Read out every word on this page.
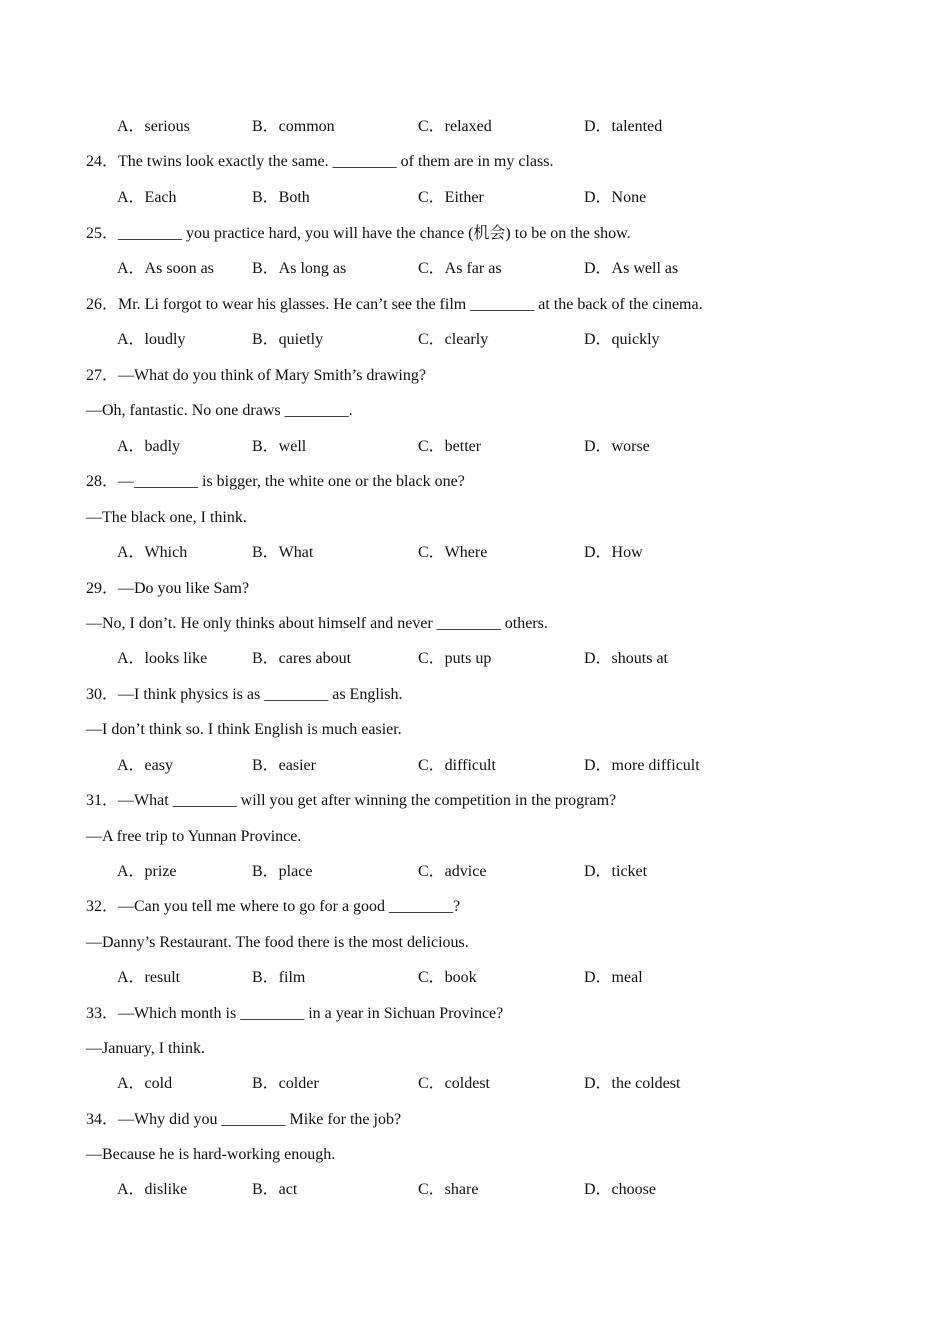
A．serious	B．common	C．relaxed	D．talented
24．The twins look exactly the same. ________ of them are in my class.
A．Each	B．Both	C．Either	D．None
25．________ you practice hard, you will have the chance (机会) to be on the show.
A．As soon as B．As long as	C．As far as	D．As well as
26．Mr. Li forgot to wear his glasses. He can’t see the film ________ at the back of the cinema.
A．loudly	B．quietly	C．clearly	D．quickly
27．—What do you think of Mary Smith’s drawing?
—Oh, fantastic. No one draws ________.
A．badly	B．well	C．better	D．worse
28．—________ is bigger, the white one or the black one?
—The black one, I think.
A．Which	B．What	C．Where	D．How
29．—Do you like Sam?
—No, I don’t. He only thinks about himself and never ________ others.
A．looks like	B．cares about	C．puts up	D．shouts at
30．—I think physics is as ________ as English.
—I don’t think so. I think English is much easier.
A．easy	B．easier	C．difficult	D．more difficult
31．—What ________ will you get after winning the competition in the program?
—A free trip to Yunnan Province.
A．prize	B．place	C．advice	D．ticket
32．—Can you tell me where to go for a good ________?
—Danny’s Restaurant. The food there is the most delicious.
A．result	B．film	C．book	D．meal
33．—Which month is ________ in a year in Sichuan Province?
—January, I think.
A．cold	B．colder	C．coldest	D．the coldest
34．—Why did you ________ Mike for the job?
—Because he is hard-working enough.
A．dislike	B．act	C．share	D．choose
